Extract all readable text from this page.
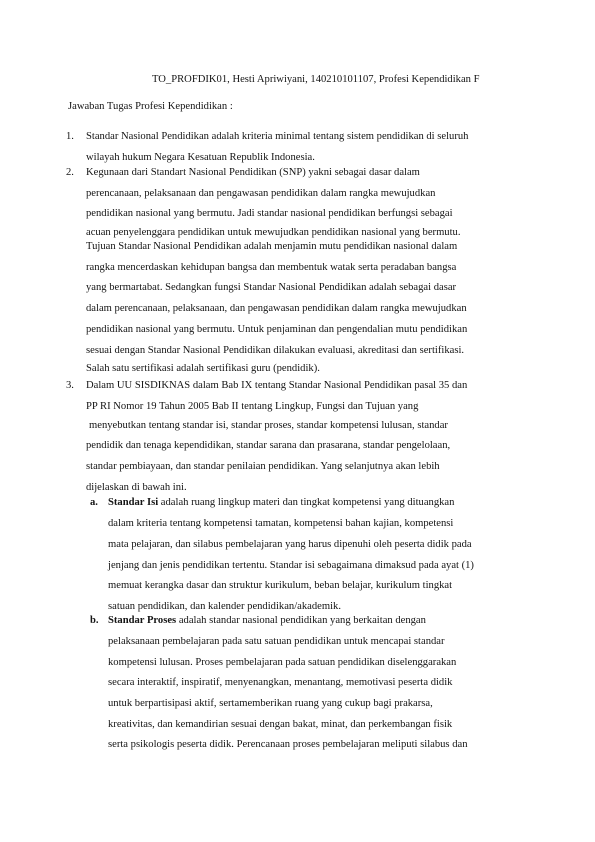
TO_PROFDIK01, Hesti Apriwiyani, 140210101107, Profesi Kependidikan F
Jawaban Tugas Profesi Kependidikan :
1. Standar Nasional Pendidikan adalah kriteria minimal tentang sistem pendidikan di seluruh
wilayah hukum Negara Kesatuan Republik Indonesia.
2. Kegunaan dari Standart Nasional Pendidikan (SNP) yakni sebagai dasar dalam
perencanaan, pelaksanaan dan pengawasan pendidikan dalam rangka mewujudkan
pendidikan nasional yang bermutu. Jadi standar nasional pendidikan berfungsi sebagai
acuan penyelenggara pendidikan untuk mewujudkan pendidikan nasional yang bermutu.
Tujuan Standar Nasional Pendidikan adalah menjamin mutu pendidikan nasional dalam
rangka mencerdaskan kehidupan bangsa dan membentuk watak serta peradaban bangsa
yang bermartabat. Sedangkan fungsi Standar Nasional Pendidikan adalah sebagai dasar
dalam perencanaan, pelaksanaan, dan pengawasan pendidikan dalam rangka mewujudkan
pendidikan nasional yang bermutu. Untuk penjaminan dan pengendalian mutu pendidikan
sesuai dengan Standar Nasional Pendidikan dilakukan evaluasi, akreditasi dan sertifikasi.
Salah satu sertifikasi adalah sertifikasi guru (pendidik).
3. Dalam UU SISDIKNAS dalam Bab IX tentang Standar Nasional Pendidikan pasal 35 dan
PP RI Nomor 19 Tahun 2005 Bab II tentang Lingkup, Fungsi dan Tujuan yang
menyebutkan tentang standar isi, standar proses, standar kompetensi lulusan, standar
pendidik dan tenaga kependidikan, standar sarana dan prasarana, standar pengelolaan,
standar pembiayaan, dan standar penilaian pendidikan. Yang selanjutnya akan lebih
dijelaskan di bawah ini.
a. Standar Isi adalah ruang lingkup materi dan tingkat kompetensi yang dituangkan
dalam kriteria tentang kompetensi tamatan, kompetensi bahan kajian, kompetensi
mata pelajaran, dan silabus pembelajaran yang harus dipenuhi oleh peserta didik pada
jenjang dan jenis pendidikan tertentu. Standar isi sebagaimana dimaksud pada ayat (1)
memuat kerangka dasar dan struktur kurikulum, beban belajar, kurikulum tingkat
satuan pendidikan, dan kalender pendidikan/akademik.
b. Standar Proses adalah standar nasional pendidikan yang berkaitan dengan
pelaksanaan pembelajaran pada satu satuan pendidikan untuk mencapai standar
kompetensi lulusan. Proses pembelajaran pada satuan pendidikan diselenggarakan
secara interaktif, inspiratif, menyenangkan, menantang, memotivasi peserta didik
untuk berpartisipasi aktif, sertamemberikan ruang yang cukup bagi prakarsa,
kreativitas, dan kemandirian sesuai dengan bakat, minat, dan perkembangan fisik
serta psikologis peserta didik. Perencanaan proses pembelajaran meliputi silabus dan
